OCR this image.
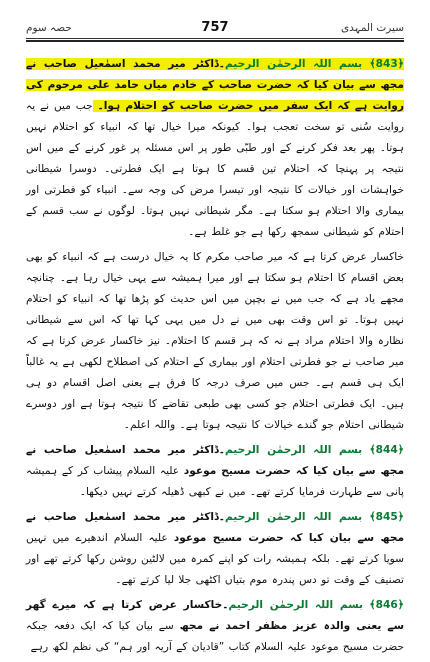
سیرت المہدی
757
حصہ سوم

﴿843﴾ بسم اللہ الرحمٰن الرحیم۔ڈاکٹر میر محمد اسمٰعیل صاحب نے مجھ سے بیان کیا کہ حضرت صاحب کے خادم میاں حامد علی مرحوم کی روایت ہے کہ ایک سفر میں حضرت صاحب کو احتلام ہوا۔ جب میں نے یہ روایت سُنی تو سخت تعجب ہوا۔ کیونکہ میرا خیال تھا کہ انبیاء کو احتلام نہیں ہوتا۔ پھر بعد فکر کرنے کے اور طبّی طور پر اس مسئلہ پر غور کرنے کے میں اس نتیجہ پر پہنچا کہ احتلام تین قسم کا ہوتا ہے ایک فطرتی۔ دوسرا شیطانی خواہشات اور خیالات کا نتیجہ اور تیسرا مرض کی وجہ سے۔ انبیاء کو فطرتی اور بیماری والا احتلام ہو سکتا ہے۔ مگر شیطانی نہیں ہوتا۔ لوگوں نے سب قسم کے احتلام کو شیطانی سمجھ رکھا ہے جو غلط ہے۔

خاکسار عرض کرتا ہے کہ میر صاحب مکرم کا یہ خیال درست ہے کہ انبیاء کو بھی بعض اقسام کا احتلام ہو سکتا ہے اور میرا ہمیشہ سے یہی خیال رہا ہے۔ چنانچہ مجھے یاد ہے کہ جب میں نے بچپن میں اس حدیث کو پڑھا تھا کہ انبیاء کو احتلام نہیں ہوتا۔ تو اس وقت بھی میں نے دل میں یہی کہا تھا کہ اس سے شیطانی نظارہ والا احتلام مراد ہے نہ کہ ہر قسم کا احتلام۔ نیز خاکسار عرض کرتا ہے کہ میر صاحب نے جو فطرتی احتلام اور بیماری کے احتلام کی اصطلاح لکھی ہے یہ غالباً ایک ہی قسم ہے۔ جس میں صرف درجہ کا فرق ہے یعنی اصل اقسام دو ہی ہیں۔ ایک فطرتی احتلام جو کسی بھی طبعی تقاضے کا نتیجہ ہوتا ہے اور دوسرے شیطانی احتلام جو گندے خیالات کا نتیجہ ہوتا ہے۔ واللہ اعلم۔

﴿844﴾ بسم اللہ الرحمٰن الرحیم۔ڈاکٹر میر محمد اسمٰعیل صاحب نے مجھ سے بیان کیا کہ حضرت مسیح موعود علیہ السلام پیشاب کر کے ہمیشہ پانی سے طہارت فرمایا کرتے تھے۔ میں نے کبھی ڈھیلہ کرتے نہیں دیکھا۔

﴿845﴾ بسم اللہ الرحمٰن الرحیم۔ڈاکٹر میر محمد اسمٰعیل صاحب نے مجھ سے بیان کیا کہ حضرت مسیح موعود علیہ السلام اندھیرے میں نہیں سویا کرتے تھے۔ بلکہ ہمیشہ رات کو اپنے کمرہ میں لالٹین روشن رکھا کرتے تھے اور تصنیف کے وقت تو دس پندرہ موم بتیاں اکٹھی جلا لیا کرتے تھے۔

﴿846﴾ بسم اللہ الرحمٰن الرحیم۔خاکسار عرض کرتا ہے کہ میرے گھر سے یعنی والدہ عزیز مظفر احمد نے مجھ سے بیان کیا کہ ایک دفعہ جبکہ حضرت مسیح موعود علیہ السلام کتاب ”قادیان کے آریہ اور ہم“ کی نظم لکھ رہے
